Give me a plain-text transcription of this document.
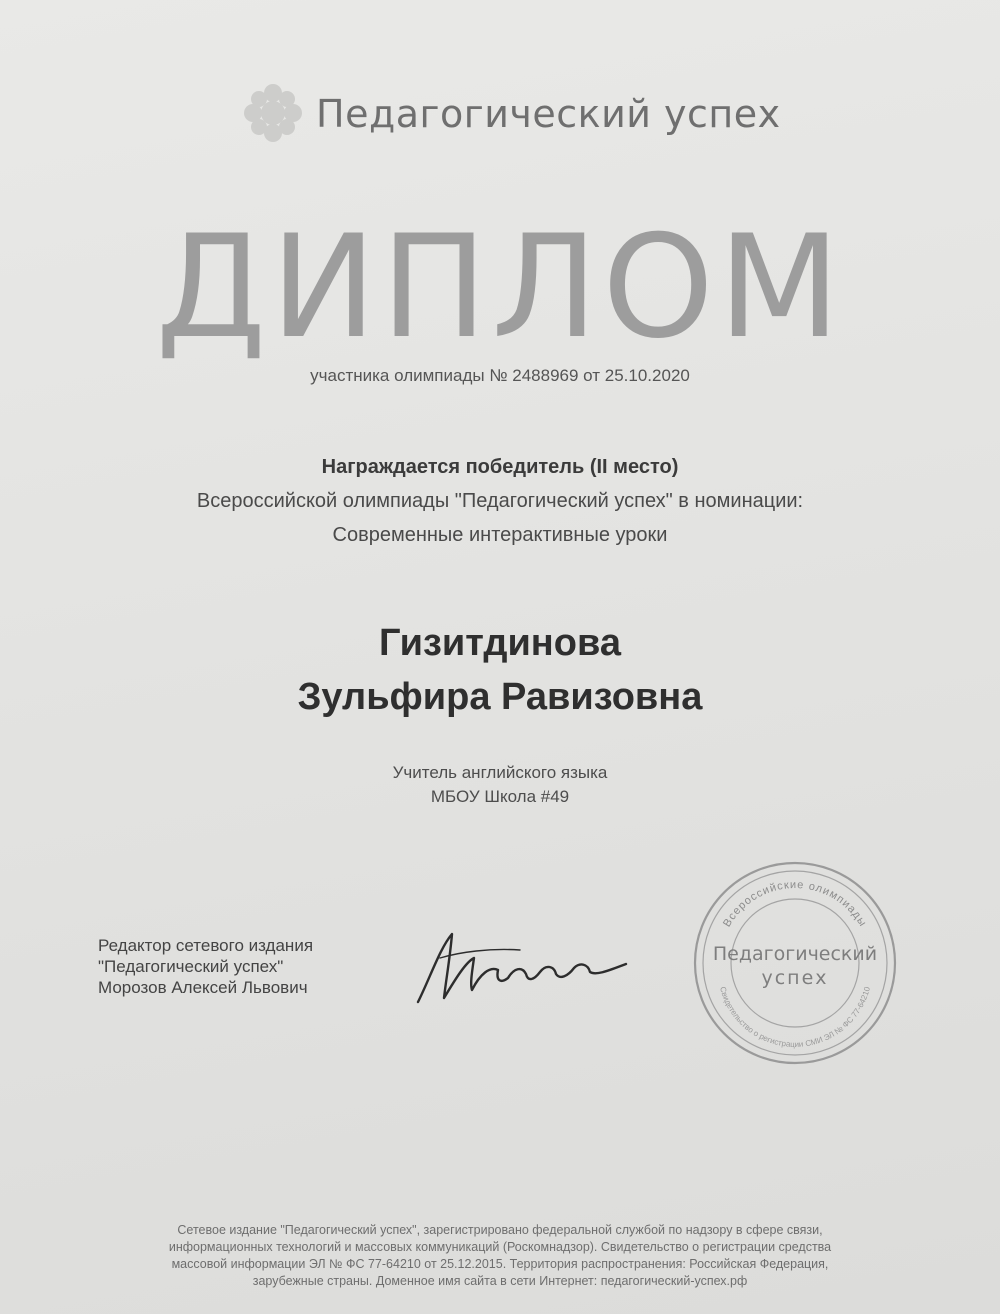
Педагогический успех
ДИПЛОМ
участника олимпиады № 2488969 от 25.10.2020
Награждается победитель (II место)
Всероссийской олимпиады "Педагогический успех" в номинации:
Современные интерактивные уроки
Гизитдинова
Зульфира Равизовна
Учитель английского языка
МБОУ Школа #49
Редактор сетевого издания
"Педагогический успех"
Морозов Алексей Львович
Всероссийские олимпиады
Свидетельство о регистрации СМИ ЭЛ № ФС 77-64210
Педагогический
успех
Сетевое издание "Педагогический успех", зарегистрировано федеральной службой по надзору в сфере связи,
информационных технологий и массовых коммуникаций (Роскомнадзор). Свидетельство о регистрации средства
массовой информации ЭЛ № ФС 77-64210 от 25.12.2015. Территория распространения: Российская Федерация,
зарубежные страны. Доменное имя сайта в сети Интернет: педагогический-успех.рф
